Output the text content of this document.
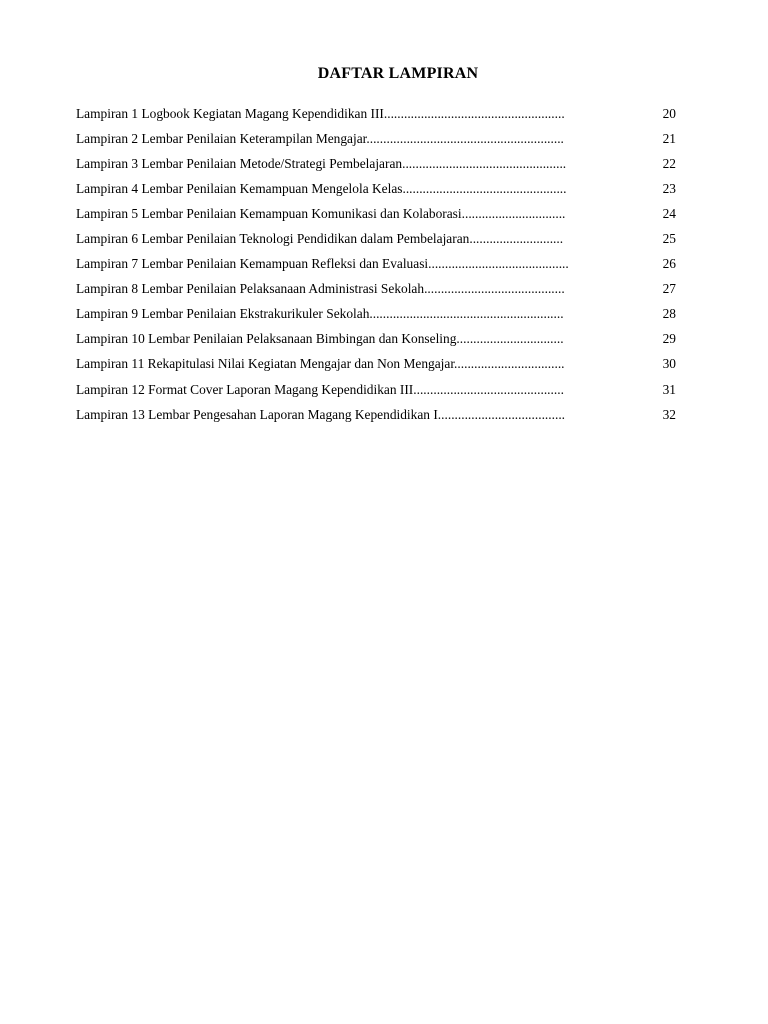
DAFTAR LAMPIRAN
Lampiran 1 Logbook Kegiatan Magang Kependidikan III......................................................	20
Lampiran 2 Lembar Penilaian Keterampilan Mengajar...........................................................	21
Lampiran 3 Lembar Penilaian Metode/Strategi Pembelajaran.................................................	22
Lampiran 4 Lembar Penilaian Kemampuan Mengelola Kelas.................................................	23
Lampiran 5 Lembar Penilaian Kemampuan Komunikasi dan Kolaborasi...............................	24
Lampiran 6 Lembar Penilaian Teknologi Pendidikan dalam Pembelajaran............................	25
Lampiran 7 Lembar Penilaian Kemampuan Refleksi dan Evaluasi..........................................	26
Lampiran 8 Lembar Penilaian Pelaksanaan Administrasi Sekolah..........................................	27
Lampiran 9 Lembar Penilaian Ekstrakurikuler Sekolah..........................................................	28
Lampiran 10 Lembar Penilaian Pelaksanaan Bimbingan dan Konseling................................	29
Lampiran 11 Rekapitulasi Nilai Kegiatan Mengajar dan Non Mengajar.................................	30
Lampiran 12 Format Cover Laporan Magang Kependidikan III.............................................	31
Lampiran 13 Lembar Pengesahan Laporan Magang Kependidikan I......................................	32
